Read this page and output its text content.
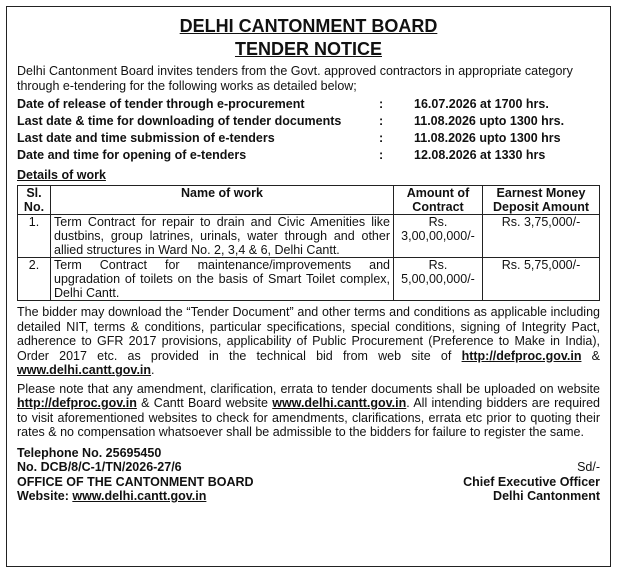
DELHI CANTONMENT BOARD
TENDER NOTICE
Delhi Cantonment Board invites tenders from the Govt. approved contractors in appropriate category through e-tendering for the following works as detailed below;
Date of release of tender through e-procurement	:	16.07.2026 at 1700 hrs.
Last date & time for downloading of tender documents	:	11.08.2026 upto 1300 hrs.
Last date and time submission of e-tenders	:	11.08.2026 upto 1300 hrs
Date and time for opening of e-tenders	:	12.08.2026 at 1330 hrs
Details of work
Sl. No.	Name of work	Amount of Contract	Earnest Money Deposit Amount
1.	Term Contract for repair to drain and Civic Amenities like dustbins, group latrines, urinals, water through and other allied structures in Ward No. 2, 3,4 & 6, Delhi Cantt.	Rs. 3,00,00,000/-	Rs. 3,75,000/-
2.	Term Contract for maintenance/improvements and upgradation of toilets on the basis of Smart Toilet complex, Delhi Cantt.	Rs. 5,00,00,000/-	Rs. 5,75,000/-
The bidder may download the “Tender Document” and other terms and conditions as applicable including detailed NIT, terms & conditions, particular specifications, special conditions, signing of Integrity Pact, adherence to GFR 2017 provisions, applicability of Public Procurement (Preference to Make in India), Order 2017 etc. as provided in the technical bid from web site of http://defproc.gov.in & www.delhi.cantt.gov.in.
Please note that any amendment, clarification, errata to tender documents shall be uploaded on website http://defproc.gov.in & Cantt Board website www.delhi.cantt.gov.in. All intending bidders are required to visit aforementioned websites to check for amendments, clarifications, errata etc prior to quoting their rates & no compensation whatsoever shall be admissible to the bidders for failure to register the same.
Telephone No. 25695450
No. DCB/8/C-1/TN/2026-27/6	Sd/-
OFFICE OF THE CANTONMENT BOARD	Chief Executive Officer
Website: www.delhi.cantt.gov.in	Delhi Cantonment
